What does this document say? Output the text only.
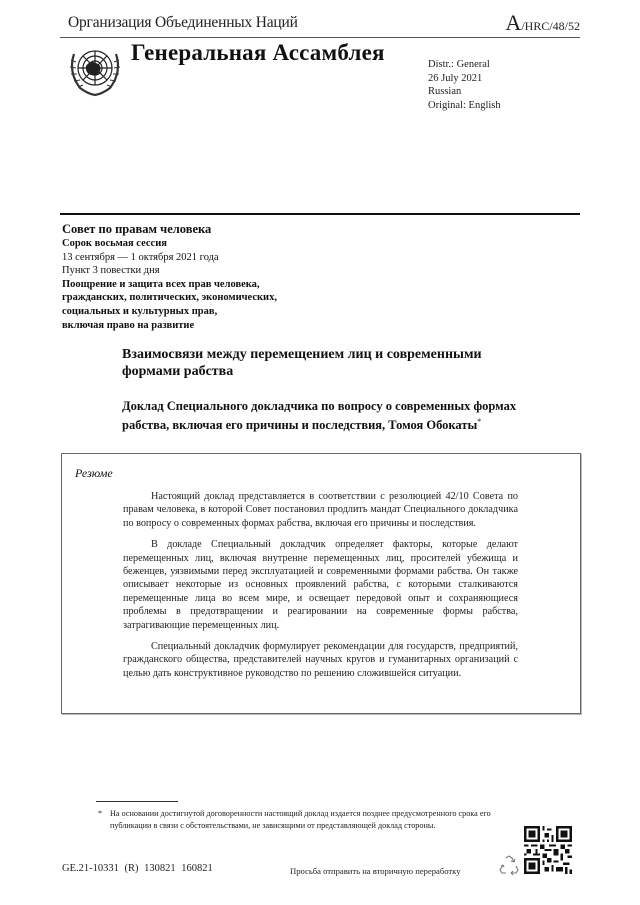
Организация Объединенных Наций	A/HRC/48/52
Генеральная Ассамблея	Distr.: General
26 July 2021
Russian
Original: English
Совет по правам человека
Сорок восьмая сессия
13 сентября — 1 октября 2021 года
Пункт 3 повестки дня
Поощрение и защита всех прав человека,
гражданских, политических, экономических,
социальных и культурных прав,
включая право на развитие
Взаимосвязи между перемещением лиц и современными формами рабства
Доклад Специального докладчика по вопросу о современных формах рабства, включая его причины и последствия, Томоя Обокаты*
Резюме

Настоящий доклад представляется в соответствии с резолюцией 42/10 Совета по правам человека, в которой Совет постановил продлить мандат Специального докладчика по вопросу о современных формах рабства, включая его причины и последствия.

В докладе Специальный докладчик определяет факторы, которые делают перемещенных лиц, включая внутренне перемещенных лиц, просителей убежища и беженцев, уязвимыми перед эксплуатацией и современными формами рабства. Он также описывает некоторые из основных проявлений рабства, с которыми сталкиваются перемещенные лица во всем мире, и освещает передовой опыт и сохраняющиеся проблемы в предотвращении и реагировании на современные формы рабства, затрагивающие перемещенных лиц.

Специальный докладчик формулирует рекомендации для государств, предприятий, гражданского общества, представителей научных кругов и гуманитарных организаций с целью дать конструктивное руководство по решению сложившейся ситуации.

* На основании достигнутой договоренности настоящий доклад издается позднее предусмотренного срока его публикации в связи с обстоятельствами, не зависящими от представляющей доклад стороны.
GE.21-10331 (R) 130821 160821	Просьба отправить на вторичную переработку
